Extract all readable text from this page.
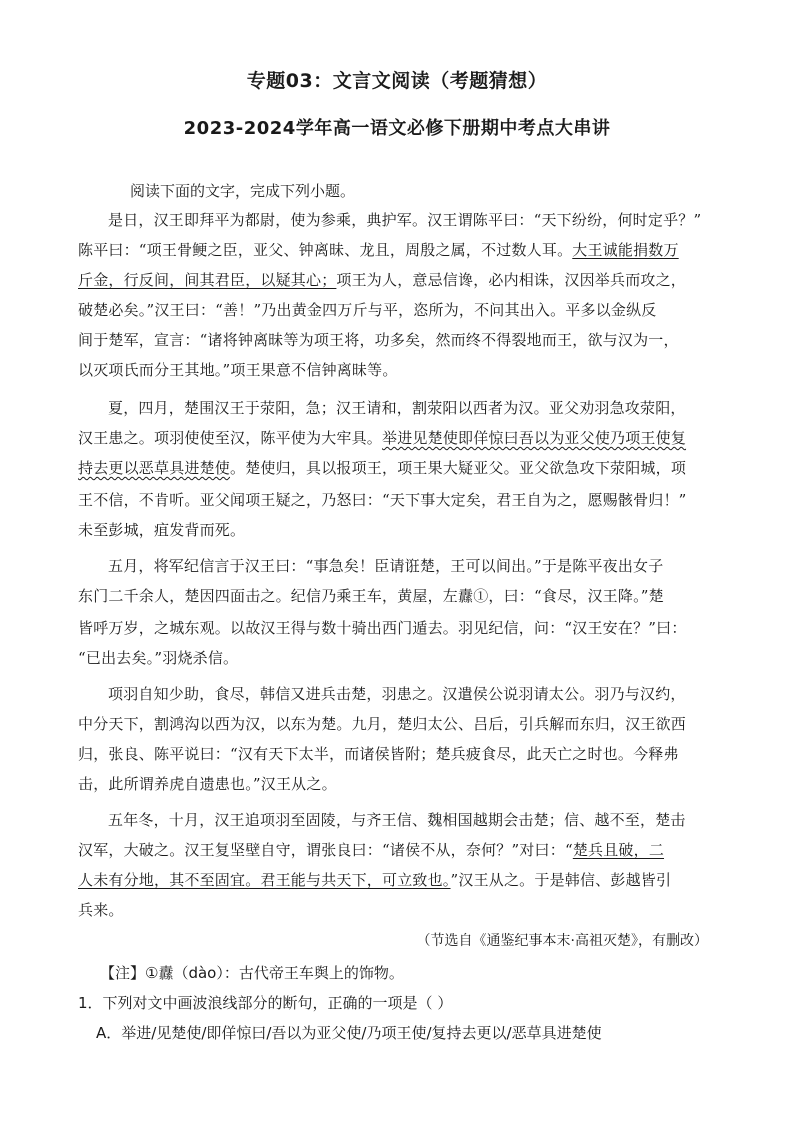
专题03：文言文阅读（考题猜想）
2023-2024学年高一语文必修下册期中考点大串讲
阅读下面的文字，完成下列小题。
是日，汉王即拜平为都尉，使为参乘，典护军。汉王谓陈平曰：“天下纷纷，何时定乎？”
陈平曰：“项王骨鲠之臣，亚父、钟离昧、龙且，周殷之属，不过数人耳。大王诚能捐数万
斤金，行反间，间其君臣，以疑其心；项王为人，意忌信谗，必内相诛，汉因举兵而攻之，
破楚必矣。”汉王曰：“善！”乃出黄金四万斤与平，恣所为，不问其出入。平多以金纵反
间于楚军，宣言：“诸将钟离昧等为项王将，功多矣，然而终不得裂地而王，欲与汉为一，
以灭项氏而分王其地。”项王果意不信钟离昧等。
夏，四月，楚围汉王于荥阳，急；汉王请和，割荥阳以西者为汉。亚父劝羽急攻荥阳，
汉王患之。项羽使使至汉，陈平使为大牢具。举进见楚使即佯惊曰吾以为亚父使乃项王使复
持去更以恶草具进楚使。楚使归，具以报项王，项王果大疑亚父。亚父欲急攻下荥阳城，项
王不信，不肯听。亚父闻项王疑之，乃怒曰：“天下事大定矣，君王自为之，愿赐骸骨归！”
未至彭城，疽发背而死。
五月，将军纪信言于汉王曰：“事急矣！臣请诳楚，王可以间出。”于是陈平夜出女子
东门二千余人，楚因四面击之。纪信乃乘王车，黄屋，左纛①，曰：“食尽，汉王降。”楚
皆呼万岁，之城东观。以故汉王得与数十骑出西门遁去。羽见纪信，问：“汉王安在？”曰：
“已出去矣。”羽烧杀信。
项羽自知少助，食尽，韩信又进兵击楚，羽患之。汉遣侯公说羽请太公。羽乃与汉约，
中分天下，割鸿沟以西为汉，以东为楚。九月，楚归太公、吕后，引兵解而东归，汉王欲西
归，张良、陈平说曰：“汉有天下太半，而诸侯皆附；楚兵疲食尽，此天亡之时也。今释弗
击，此所谓养虎自遗患也。”汉王从之。
五年冬，十月，汉王追项羽至固陵，与齐王信、魏相国越期会击楚；信、越不至，楚击
汉军，大破之。汉王复坚壁自守，谓张良曰：“诸侯不从，奈何？”对曰：“楚兵且破，二
人未有分地，其不至固宜。君王能与共天下，可立致也。”汉王从之。于是韩信、彭越皆引
兵来。
（节选自《通鉴纪事本末·高祖灭楚》，有删改）
【注】①纛（dào）：古代帝王车舆上的饰物。
1．下列对文中画波浪线部分的断句，正确的一项是（ ）
A．举进/见楚使/即佯惊曰/吾以为亚父使/乃项王使/复持去更以/恶草具进楚使
